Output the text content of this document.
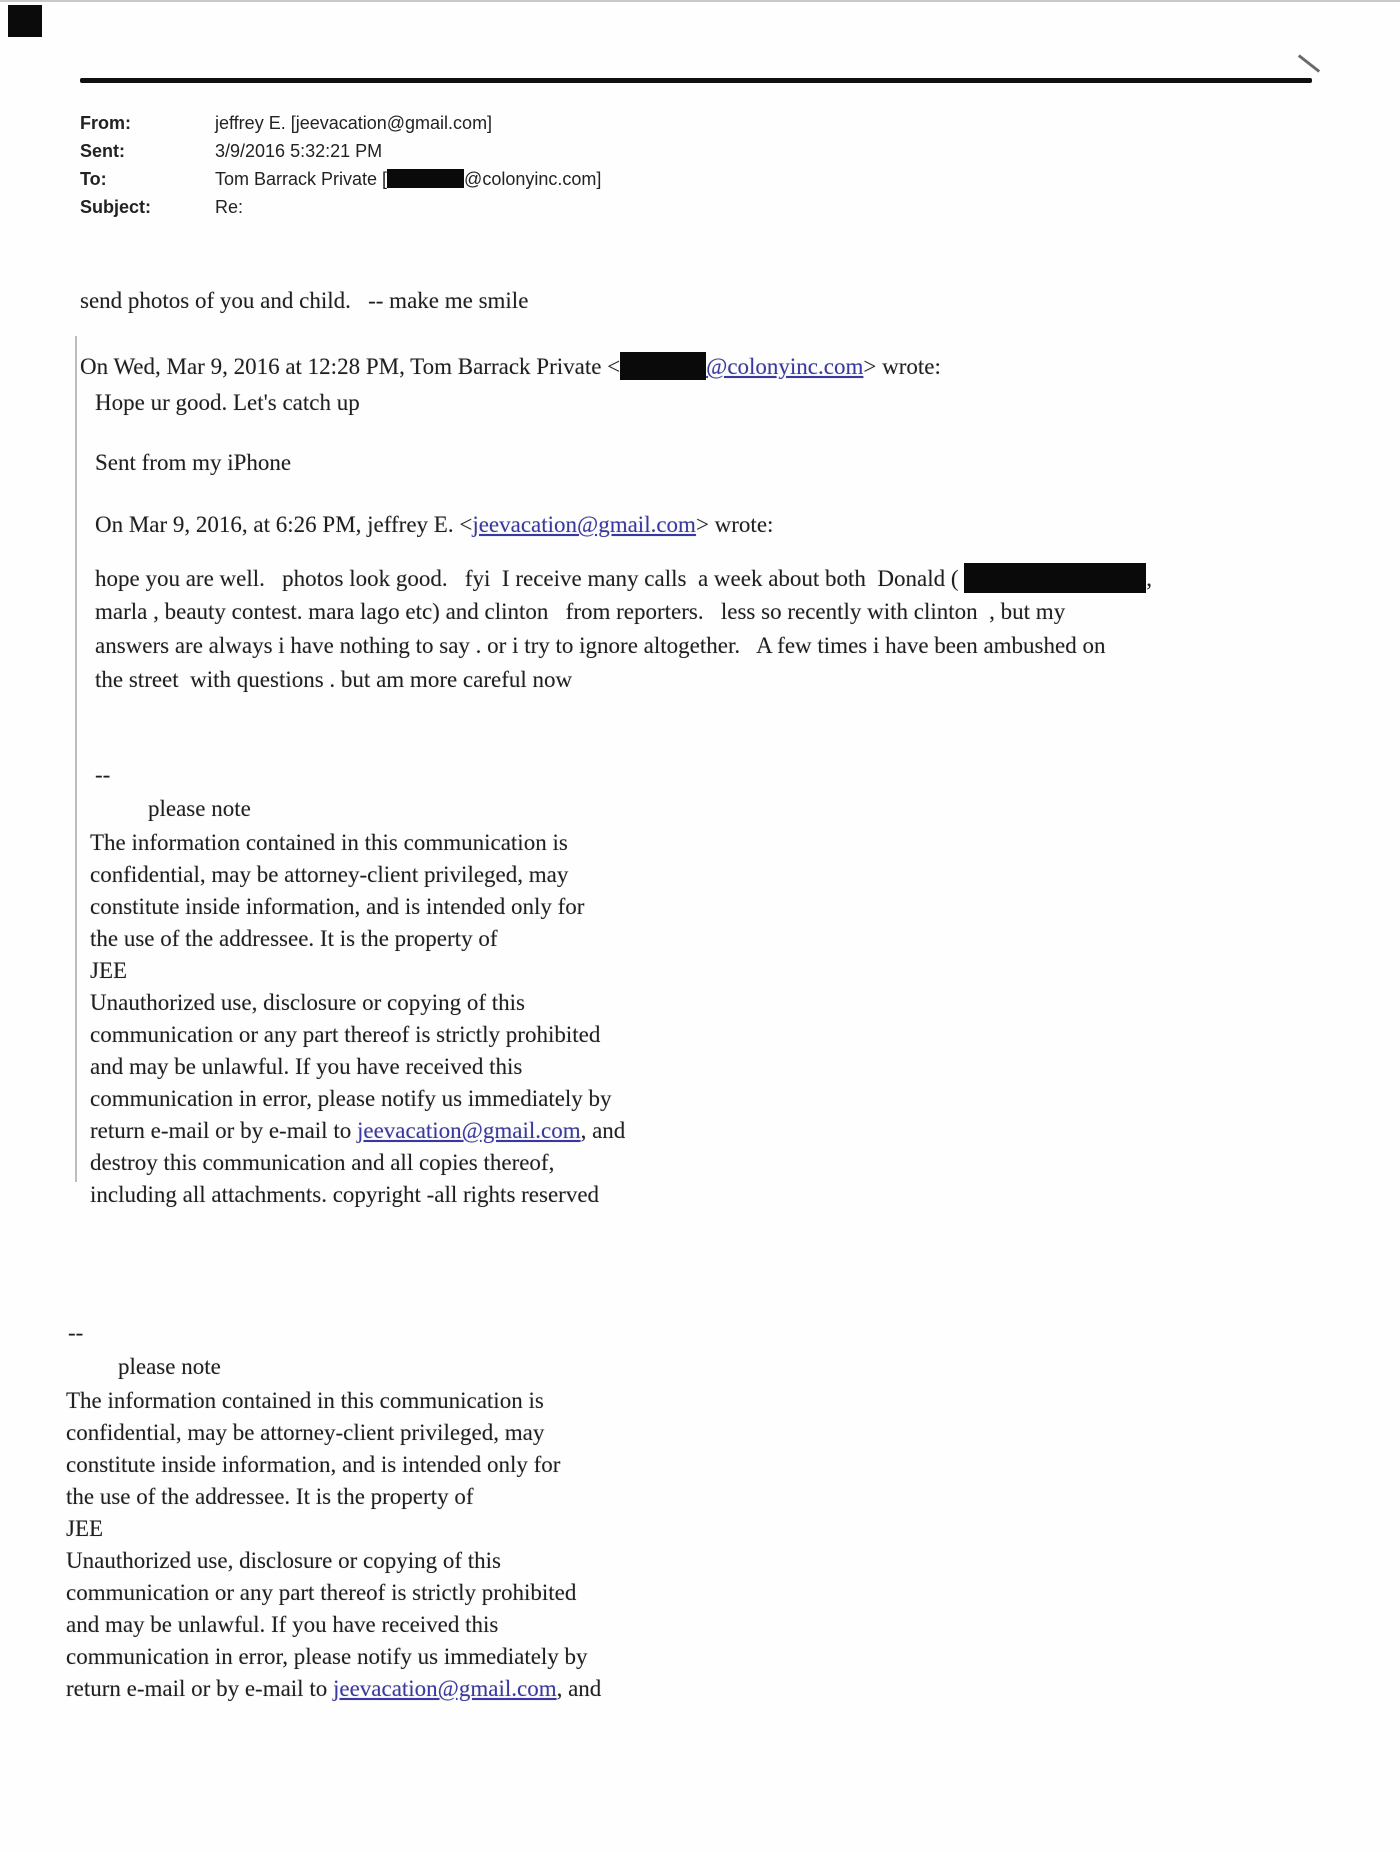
From:	jeffrey E. [jeevacation@gmail.com]
Sent:	3/9/2016 5:32:21 PM
To:	Tom Barrack Private [	@colonyinc.com]
Subject:	Re:
send photos of you and child.   -- make me smile
On Wed, Mar 9, 2016 at 12:28 PM, Tom Barrack Private <	@colonyinc.com> wrote:
Hope ur good. Let's catch up
Sent from my iPhone
On Mar 9, 2016, at 6:26 PM, jeffrey E. <jeevacation@gmail.com> wrote:
hope you are well.   photos look good.   fyi  I receive many calls  a week about both  Donald (	,
marla , beauty contest. mara lago etc) and clinton   from reporters.   less so recently with clinton  , but my
answers are always i have nothing to say . or i try to ignore altogether.   A few times i have been ambushed on
the street  with questions . but am more careful now
--
please note
The information contained in this communication is
confidential, may be attorney-client privileged, may
constitute inside information, and is intended only for
the use of the addressee. It is the property of
JEE
Unauthorized use, disclosure or copying of this
communication or any part thereof is strictly prohibited
and may be unlawful. If you have received this
communication in error, please notify us immediately by
return e-mail or by e-mail to jeevacation@gmail.com, and
destroy this communication and all copies thereof,
including all attachments. copyright -all rights reserved
--
please note
The information contained in this communication is
confidential, may be attorney-client privileged, may
constitute inside information, and is intended only for
the use of the addressee. It is the property of
JEE
Unauthorized use, disclosure or copying of this
communication or any part thereof is strictly prohibited
and may be unlawful. If you have received this
communication in error, please notify us immediately by
return e-mail or by e-mail to jeevacation@gmail.com, and
